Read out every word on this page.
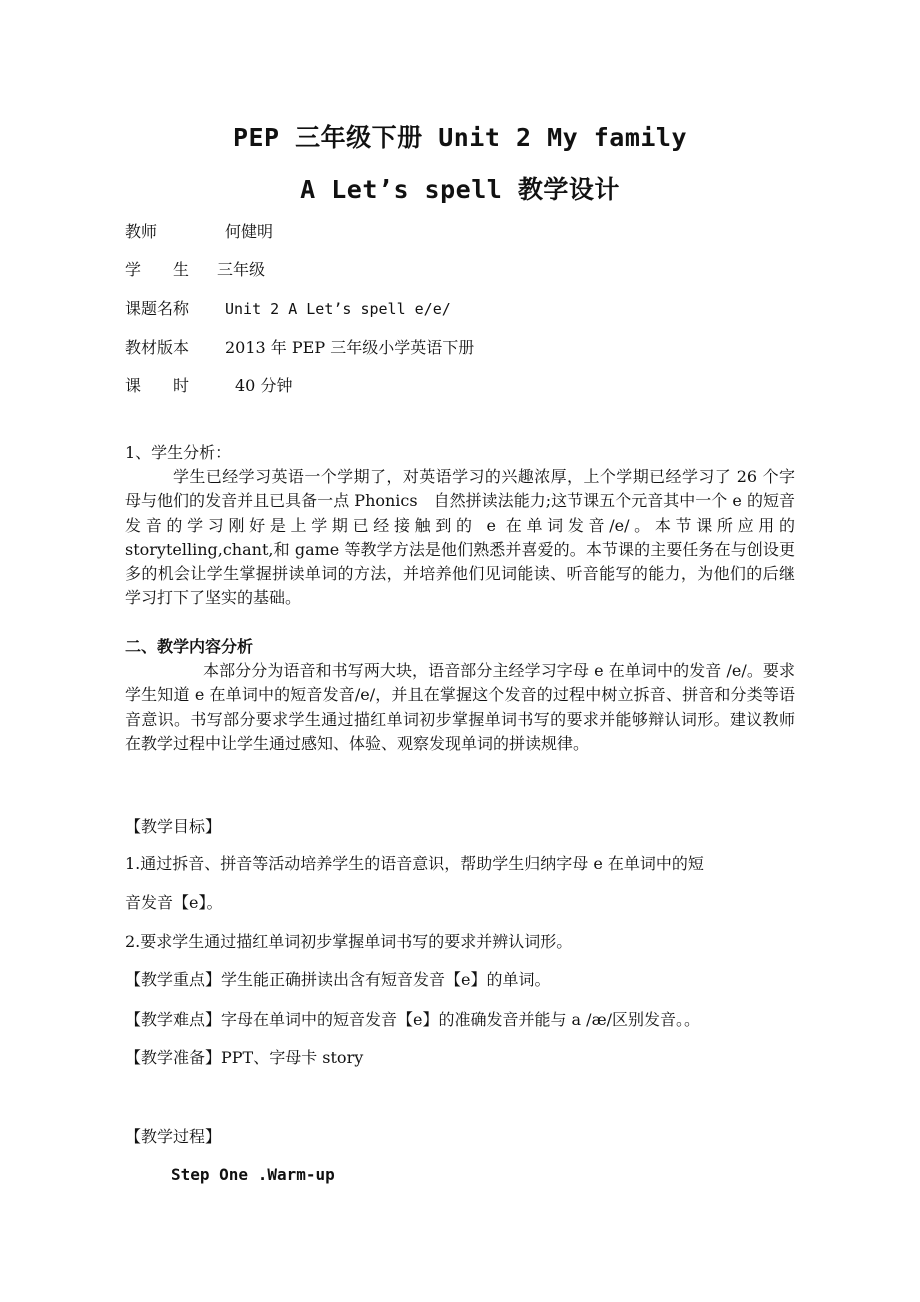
PEP 三年级下册 Unit 2 My family
A Let’s spell 教学设计
教师	何健明
学　　生 三年级
课题名称 Unit 2 A Let’s spell e/e/
教材版本 2013 年 PEP 三年级小学英语下册
课　　时	40 分钟
1、学生分析：
学生已经学习英语一个学期了，对英语学习的兴趣浓厚，上个学期已经学习了 26 个字母与他们的发音并且已具备一点 Phonics　自然拼读法能力;这节课五个元音其中一个 e 的短音发音的学习刚好是上学期已经接触到的 e 在单词发音/e/。本节课所应用的 storytelling,chant,和 game 等教学方法是他们熟悉并喜爱的。本节课的主要任务在与创设更多的机会让学生掌握拼读单词的方法，并培养他们见词能读、听音能写的能力，为他们的后继学习打下了坚实的基础。
二、教学内容分析
本部分分为语音和书写两大块，语音部分主经学习字母 e 在单词中的发音 /e/。要求学生知道 e 在单词中的短音发音/e/，并且在掌握这个发音的过程中树立拆音、拼音和分类等语音意识。书写部分要求学生通过描红单词初步掌握单词书写的要求并能够辩认词形。建议教师在教学过程中让学生通过感知、体验、观察发现单词的拼读规律。
【教学目标】
1.通过拆音、拼音等活动培养学生的语音意识，帮助学生归纳字母 e 在单词中的短
音发音【e】。
2.要求学生通过描红单词初步掌握单词书写的要求并辨认词形。
【教学重点】学生能正确拼读出含有短音发音【e】的单词。
【教学难点】字母在单词中的短音发音【e】的准确发音并能与 a /æ/区别发音。。
【教学准备】PPT、字母卡 story
【教学过程】
Step One .Warm-up
